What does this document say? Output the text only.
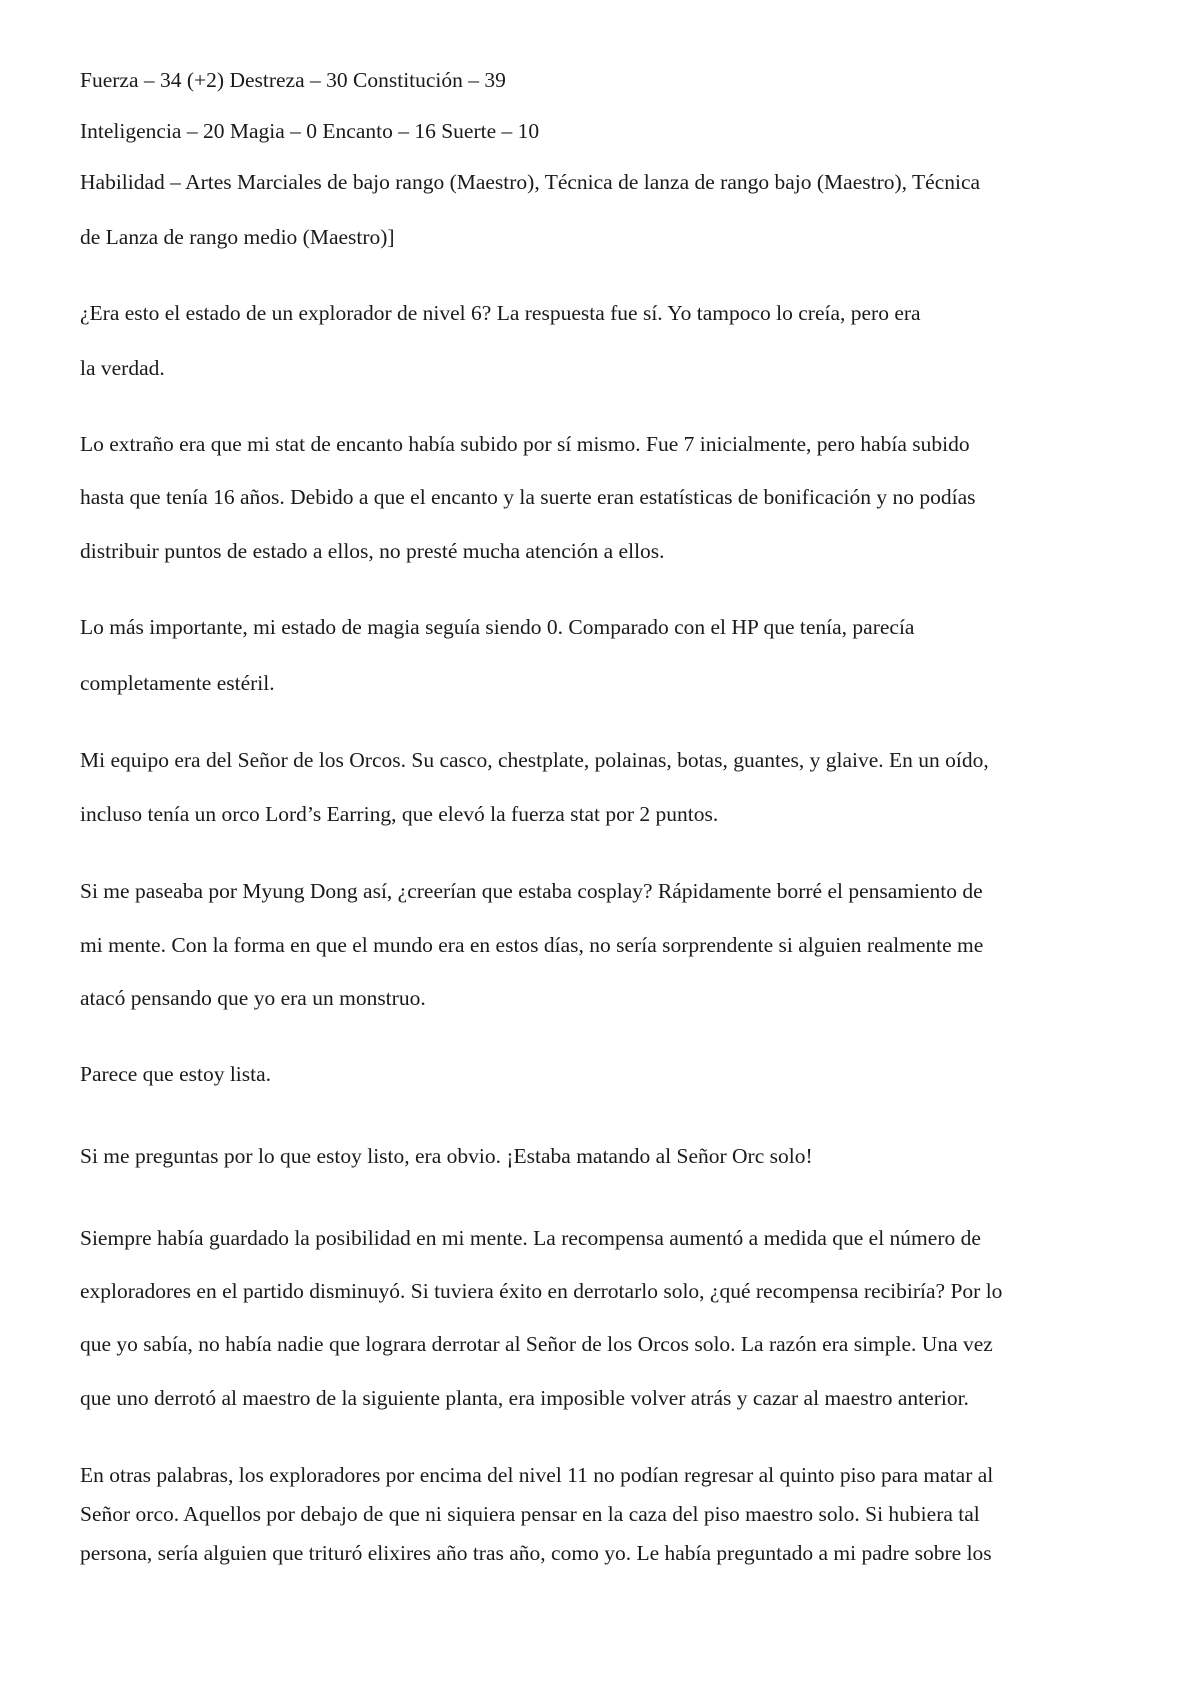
Fuerza – 34 (+2) Destreza – 30 Constitución – 39
Inteligencia – 20 Magia – 0 Encanto – 16 Suerte – 10
Habilidad – Artes Marciales de bajo rango (Maestro), Técnica de lanza de rango bajo (Maestro), Técnica
de Lanza de rango medio (Maestro)]
¿Era esto el estado de un explorador de nivel 6? La respuesta fue sí. Yo tampoco lo creía, pero era
la verdad.
Lo extraño era que mi stat de encanto había subido por sí mismo. Fue 7 inicialmente, pero había subido
hasta que tenía 16 años. Debido a que el encanto y la suerte eran estatísticas de bonificación y no podías
distribuir puntos de estado a ellos, no presté mucha atención a ellos.
Lo más importante, mi estado de magia seguía siendo 0. Comparado con el HP que tenía, parecía
completamente estéril.
Mi equipo era del Señor de los Orcos. Su casco, chestplate, polainas, botas, guantes, y glaive. En un oído,
incluso tenía un orco Lord’s Earring, que elevó la fuerza stat por 2 puntos.
Si me paseaba por Myung Dong así, ¿creerían que estaba cosplay? Rápidamente borré el pensamiento de
mi mente. Con la forma en que el mundo era en estos días, no sería sorprendente si alguien realmente me
atacó pensando que yo era un monstruo.
Parece que estoy lista.
Si me preguntas por lo que estoy listo, era obvio. ¡Estaba matando al Señor Orc solo!
Siempre había guardado la posibilidad en mi mente. La recompensa aumentó a medida que el número de
exploradores en el partido disminuyó. Si tuviera éxito en derrotarlo solo, ¿qué recompensa recibiría? Por lo
que yo sabía, no había nadie que lograra derrotar al Señor de los Orcos solo. La razón era simple. Una vez
que uno derrotó al maestro de la siguiente planta, era imposible volver atrás y cazar al maestro anterior.
En otras palabras, los exploradores por encima del nivel 11 no podían regresar al quinto piso para matar al
Señor orco. Aquellos por debajo de que ni siquiera pensar en la caza del piso maestro solo. Si hubiera tal
persona, sería alguien que trituró elixires año tras año, como yo. Le había preguntado a mi padre sobre los
